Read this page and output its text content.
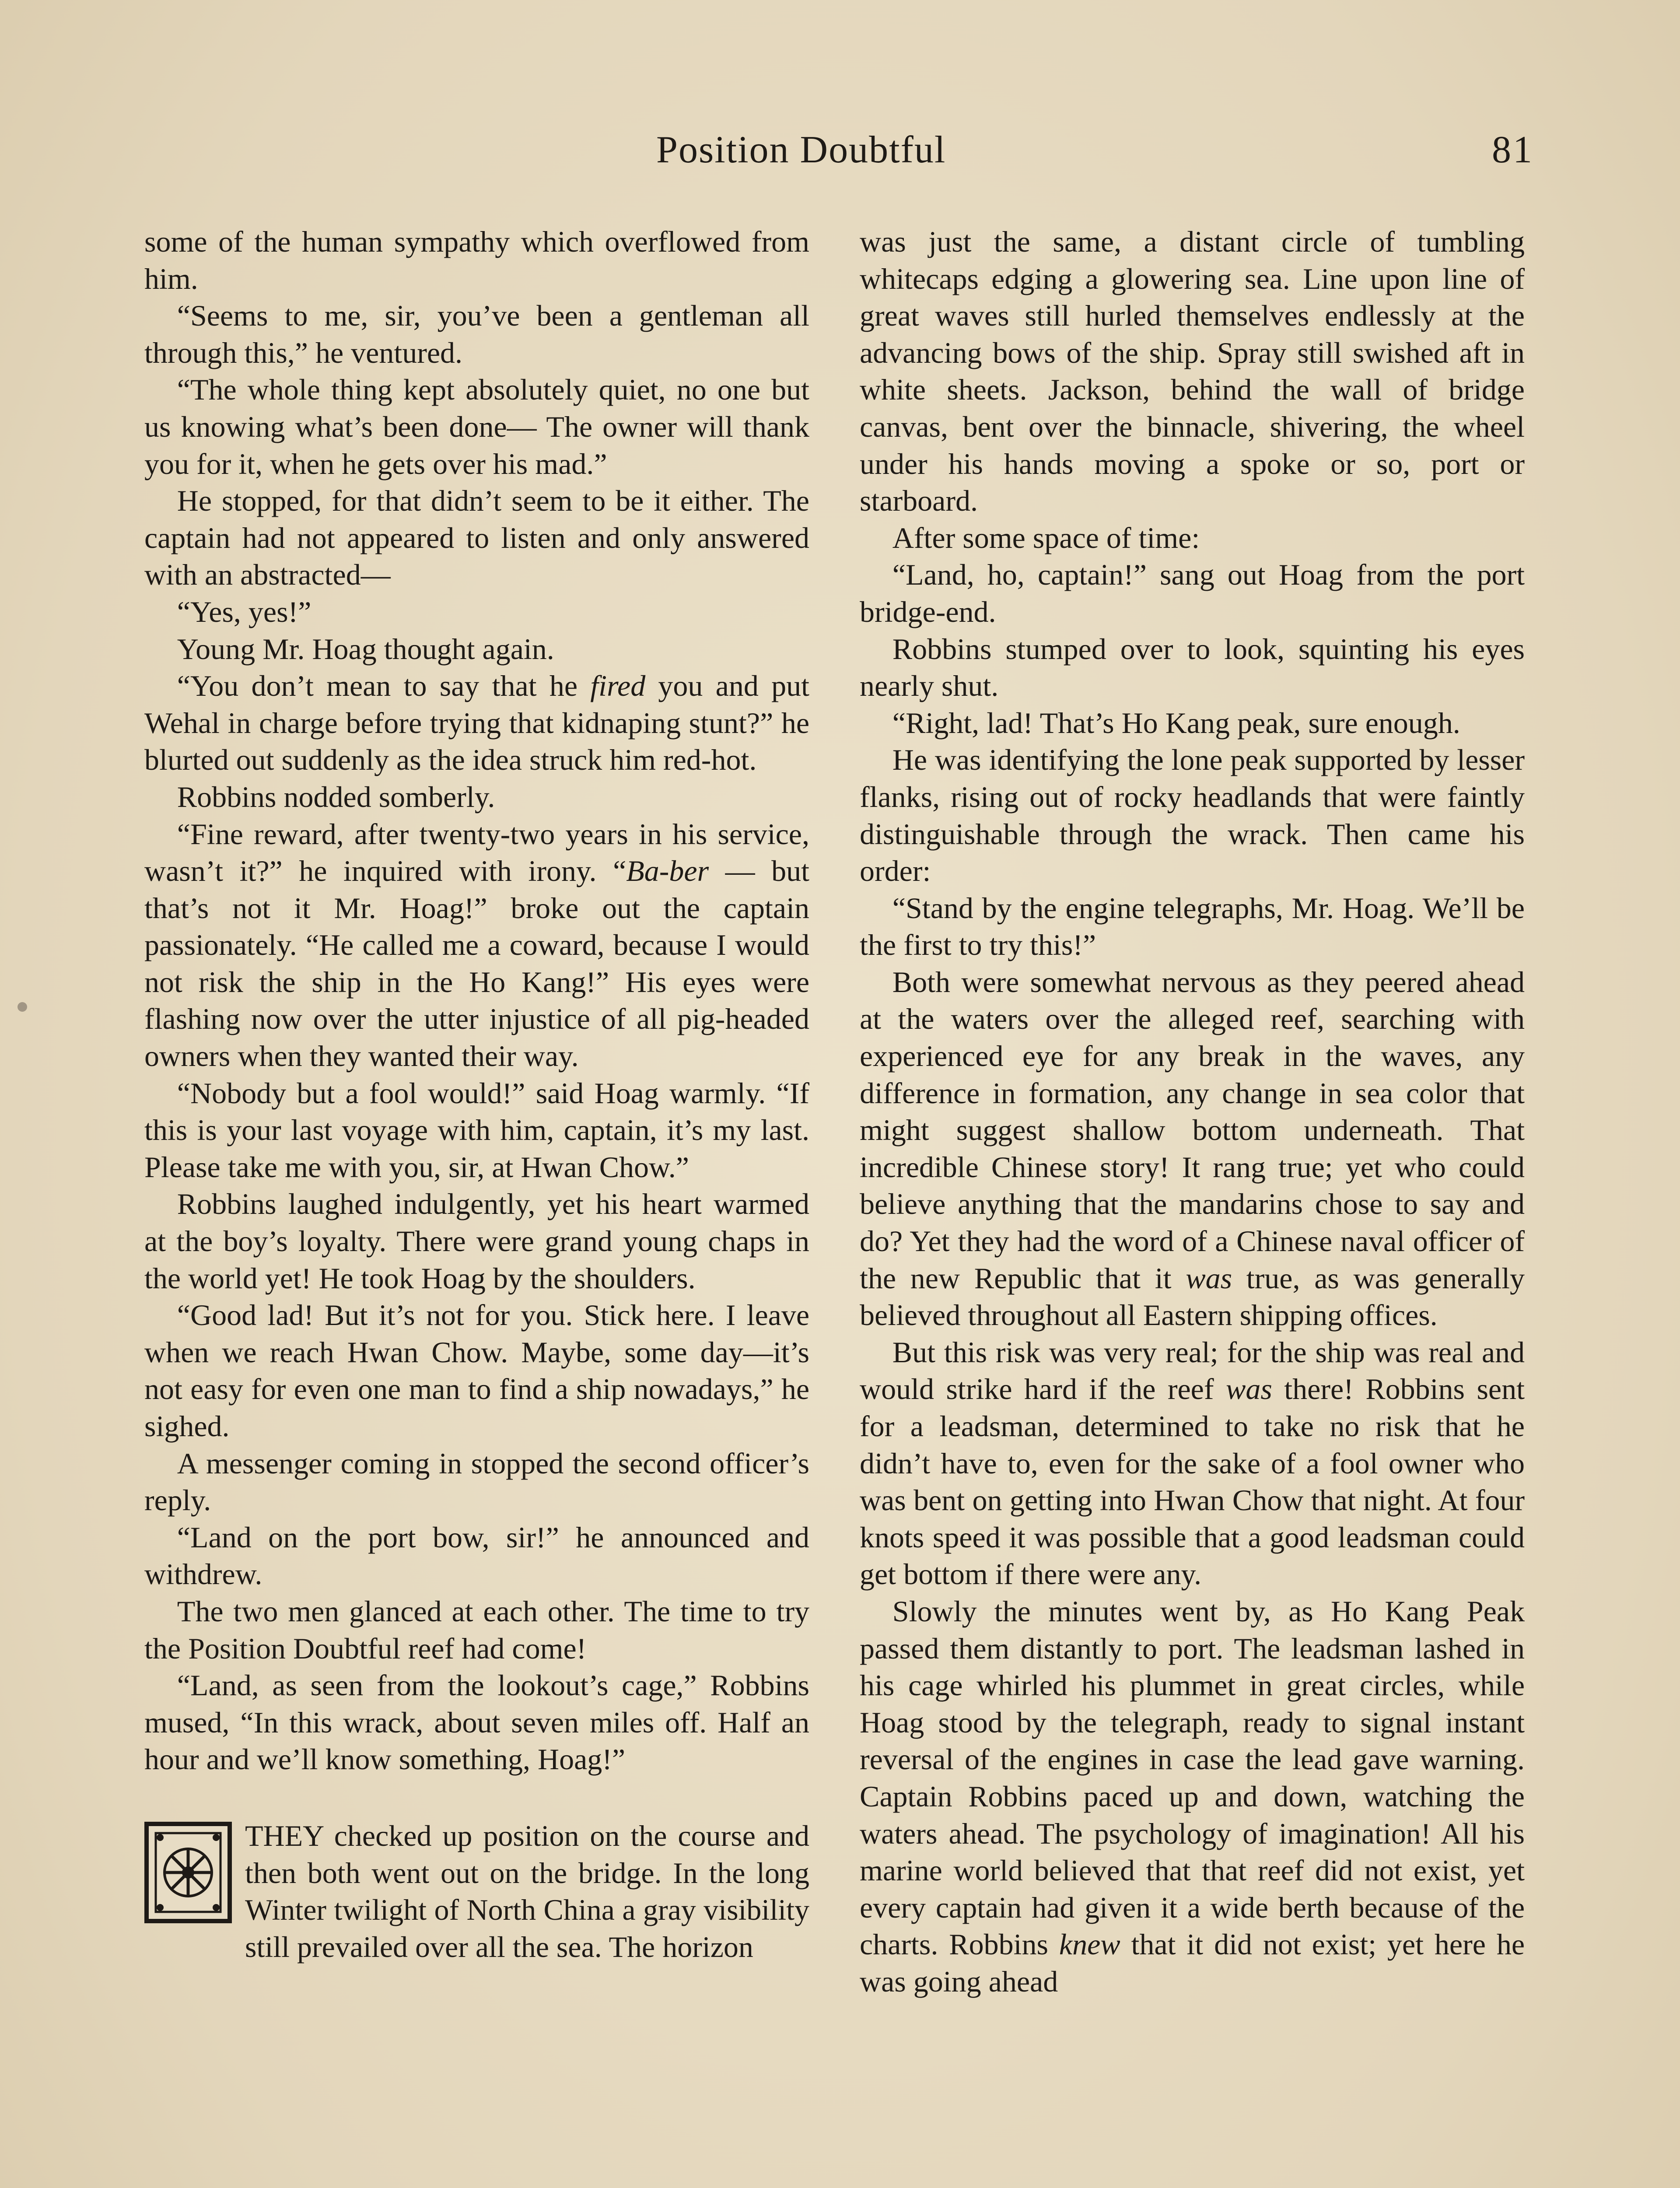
Position Doubtful	81

some of the human sympathy which overflowed from him.

“Seems to me, sir, you’ve been a gentleman all through this,” he ventured.

“The whole thing kept absolutely quiet, no one but us knowing what’s been done— The owner will thank you for it, when he gets over his mad.”

He stopped, for that didn’t seem to be it either. The captain had not appeared to listen and only answered with an abstracted—

“Yes, yes!”

Young Mr. Hoag thought again.

“You don’t mean to say that he fired you and put Wehal in charge before trying that kidnaping stunt?” he blurted out suddenly as the idea struck him red-hot.

Robbins nodded somberly.

“Fine reward, after twenty-two years in his service, wasn’t it?” he inquired with irony. “Ba-ber — but that’s not it Mr. Hoag!” broke out the captain passionately. “He called me a coward, because I would not risk the ship in the Ho Kang!” His eyes were flashing now over the utter injustice of all pig-headed owners when they wanted their way.

“Nobody but a fool would!” said Hoag warmly. “If this is your last voyage with him, captain, it’s my last. Please take me with you, sir, at Hwan Chow.”

Robbins laughed indulgently, yet his heart warmed at the boy’s loyalty. There were grand young chaps in the world yet! He took Hoag by the shoulders.

“Good lad! But it’s not for you. Stick here. I leave when we reach Hwan Chow. Maybe, some day—it’s not easy for even one man to find a ship nowadays,” he sighed.

A messenger coming in stopped the second officer’s reply.

“Land on the port bow, sir!” he announced and withdrew.

The two men glanced at each other. The time to try the Position Doubtful reef had come!

“Land, as seen from the lookout’s cage,” Robbins mused, “In this wrack, about seven miles off. Half an hour and we’ll know something, Hoag!”

THEY checked up position on the course and then both went out on the bridge. In the long Winter twilight of North China a gray visibility still prevailed over all the sea. The horizon

was just the same, a distant circle of tumbling whitecaps edging a glowering sea. Line upon line of great waves still hurled themselves endlessly at the advancing bows of the ship. Spray still swished aft in white sheets. Jackson, behind the wall of bridge canvas, bent over the binnacle, shivering, the wheel under his hands moving a spoke or so, port or starboard.

After some space of time:

“Land, ho, captain!” sang out Hoag from the port bridge-end.

Robbins stumped over to look, squinting his eyes nearly shut.

“Right, lad! That’s Ho Kang peak, sure enough.

He was identifying the lone peak supported by lesser flanks, rising out of rocky headlands that were faintly distinguishable through the wrack. Then came his order:

“Stand by the engine telegraphs, Mr. Hoag. We’ll be the first to try this!”

Both were somewhat nervous as they peered ahead at the waters over the alleged reef, searching with experienced eye for any break in the waves, any difference in formation, any change in sea color that might suggest shallow bottom underneath. That incredible Chinese story! It rang true; yet who could believe anything that the mandarins chose to say and do? Yet they had the word of a Chinese naval officer of the new Republic that it was true, as was generally believed throughout all Eastern shipping offices.

But this risk was very real; for the ship was real and would strike hard if the reef was there! Robbins sent for a leadsman, determined to take no risk that he didn’t have to, even for the sake of a fool owner who was bent on getting into Hwan Chow that night. At four knots speed it was possible that a good leadsman could get bottom if there were any.

Slowly the minutes went by, as Ho Kang Peak passed them distantly to port. The leadsman lashed in his cage whirled his plummet in great circles, while Hoag stood by the telegraph, ready to signal instant reversal of the engines in case the lead gave warning. Captain Robbins paced up and down, watching the waters ahead. The psychology of imagination! All his marine world believed that that reef did not exist, yet every captain had given it a wide berth because of the charts. Robbins knew that it did not exist; yet here he was going ahead
